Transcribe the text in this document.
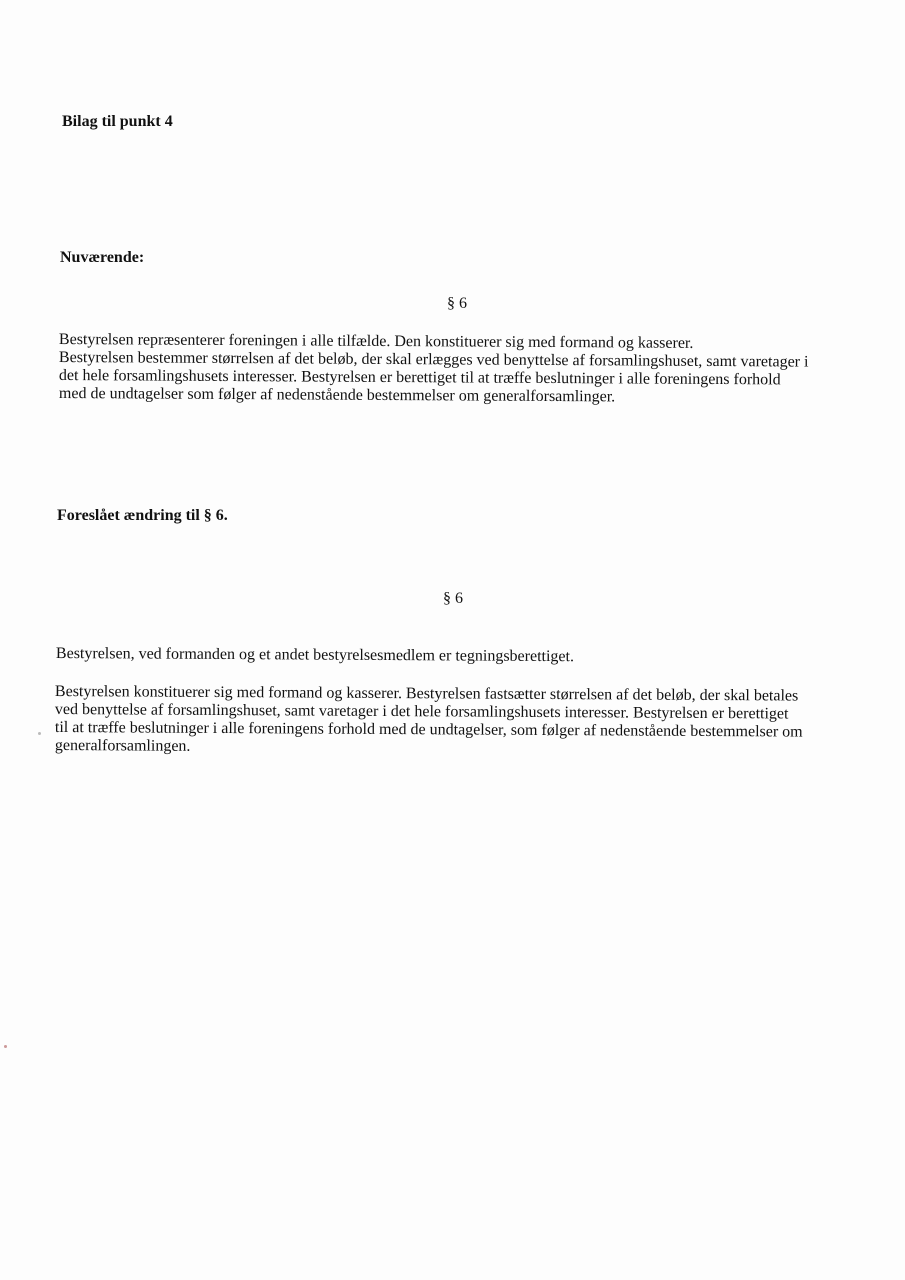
Bilag til punkt 4
Nuværende:

§ 6

Bestyrelsen repræsenterer foreningen i alle tilfælde. Den konstituerer sig med formand og kasserer.

Bestyrelsen bestemmer størrelsen af det beløb, der skal erlægges ved benyttelse af forsamlingshuset, samt varetager i

det hele forsamlingshusets interesser. Bestyrelsen er berettiget til at træffe beslutninger i alle foreningens forhold

med de undtagelser som følger af nedenstående bestemmelser om generalforsamlinger.

Foreslået ændring til § 6.

§ 6

Bestyrelsen, ved formanden og et andet bestyrelsesmedlem er tegningsberettiget.

Bestyrelsen konstituerer sig med formand og kasserer. Bestyrelsen fastsætter størrelsen af det beløb, der skal betales

ved benyttelse af forsamlingshuset, samt varetager i det hele forsamlingshusets interesser. Bestyrelsen er berettiget

til at træffe beslutninger i alle foreningens forhold med de undtagelser, som følger af nedenstående bestemmelser om

generalforsamlingen.
